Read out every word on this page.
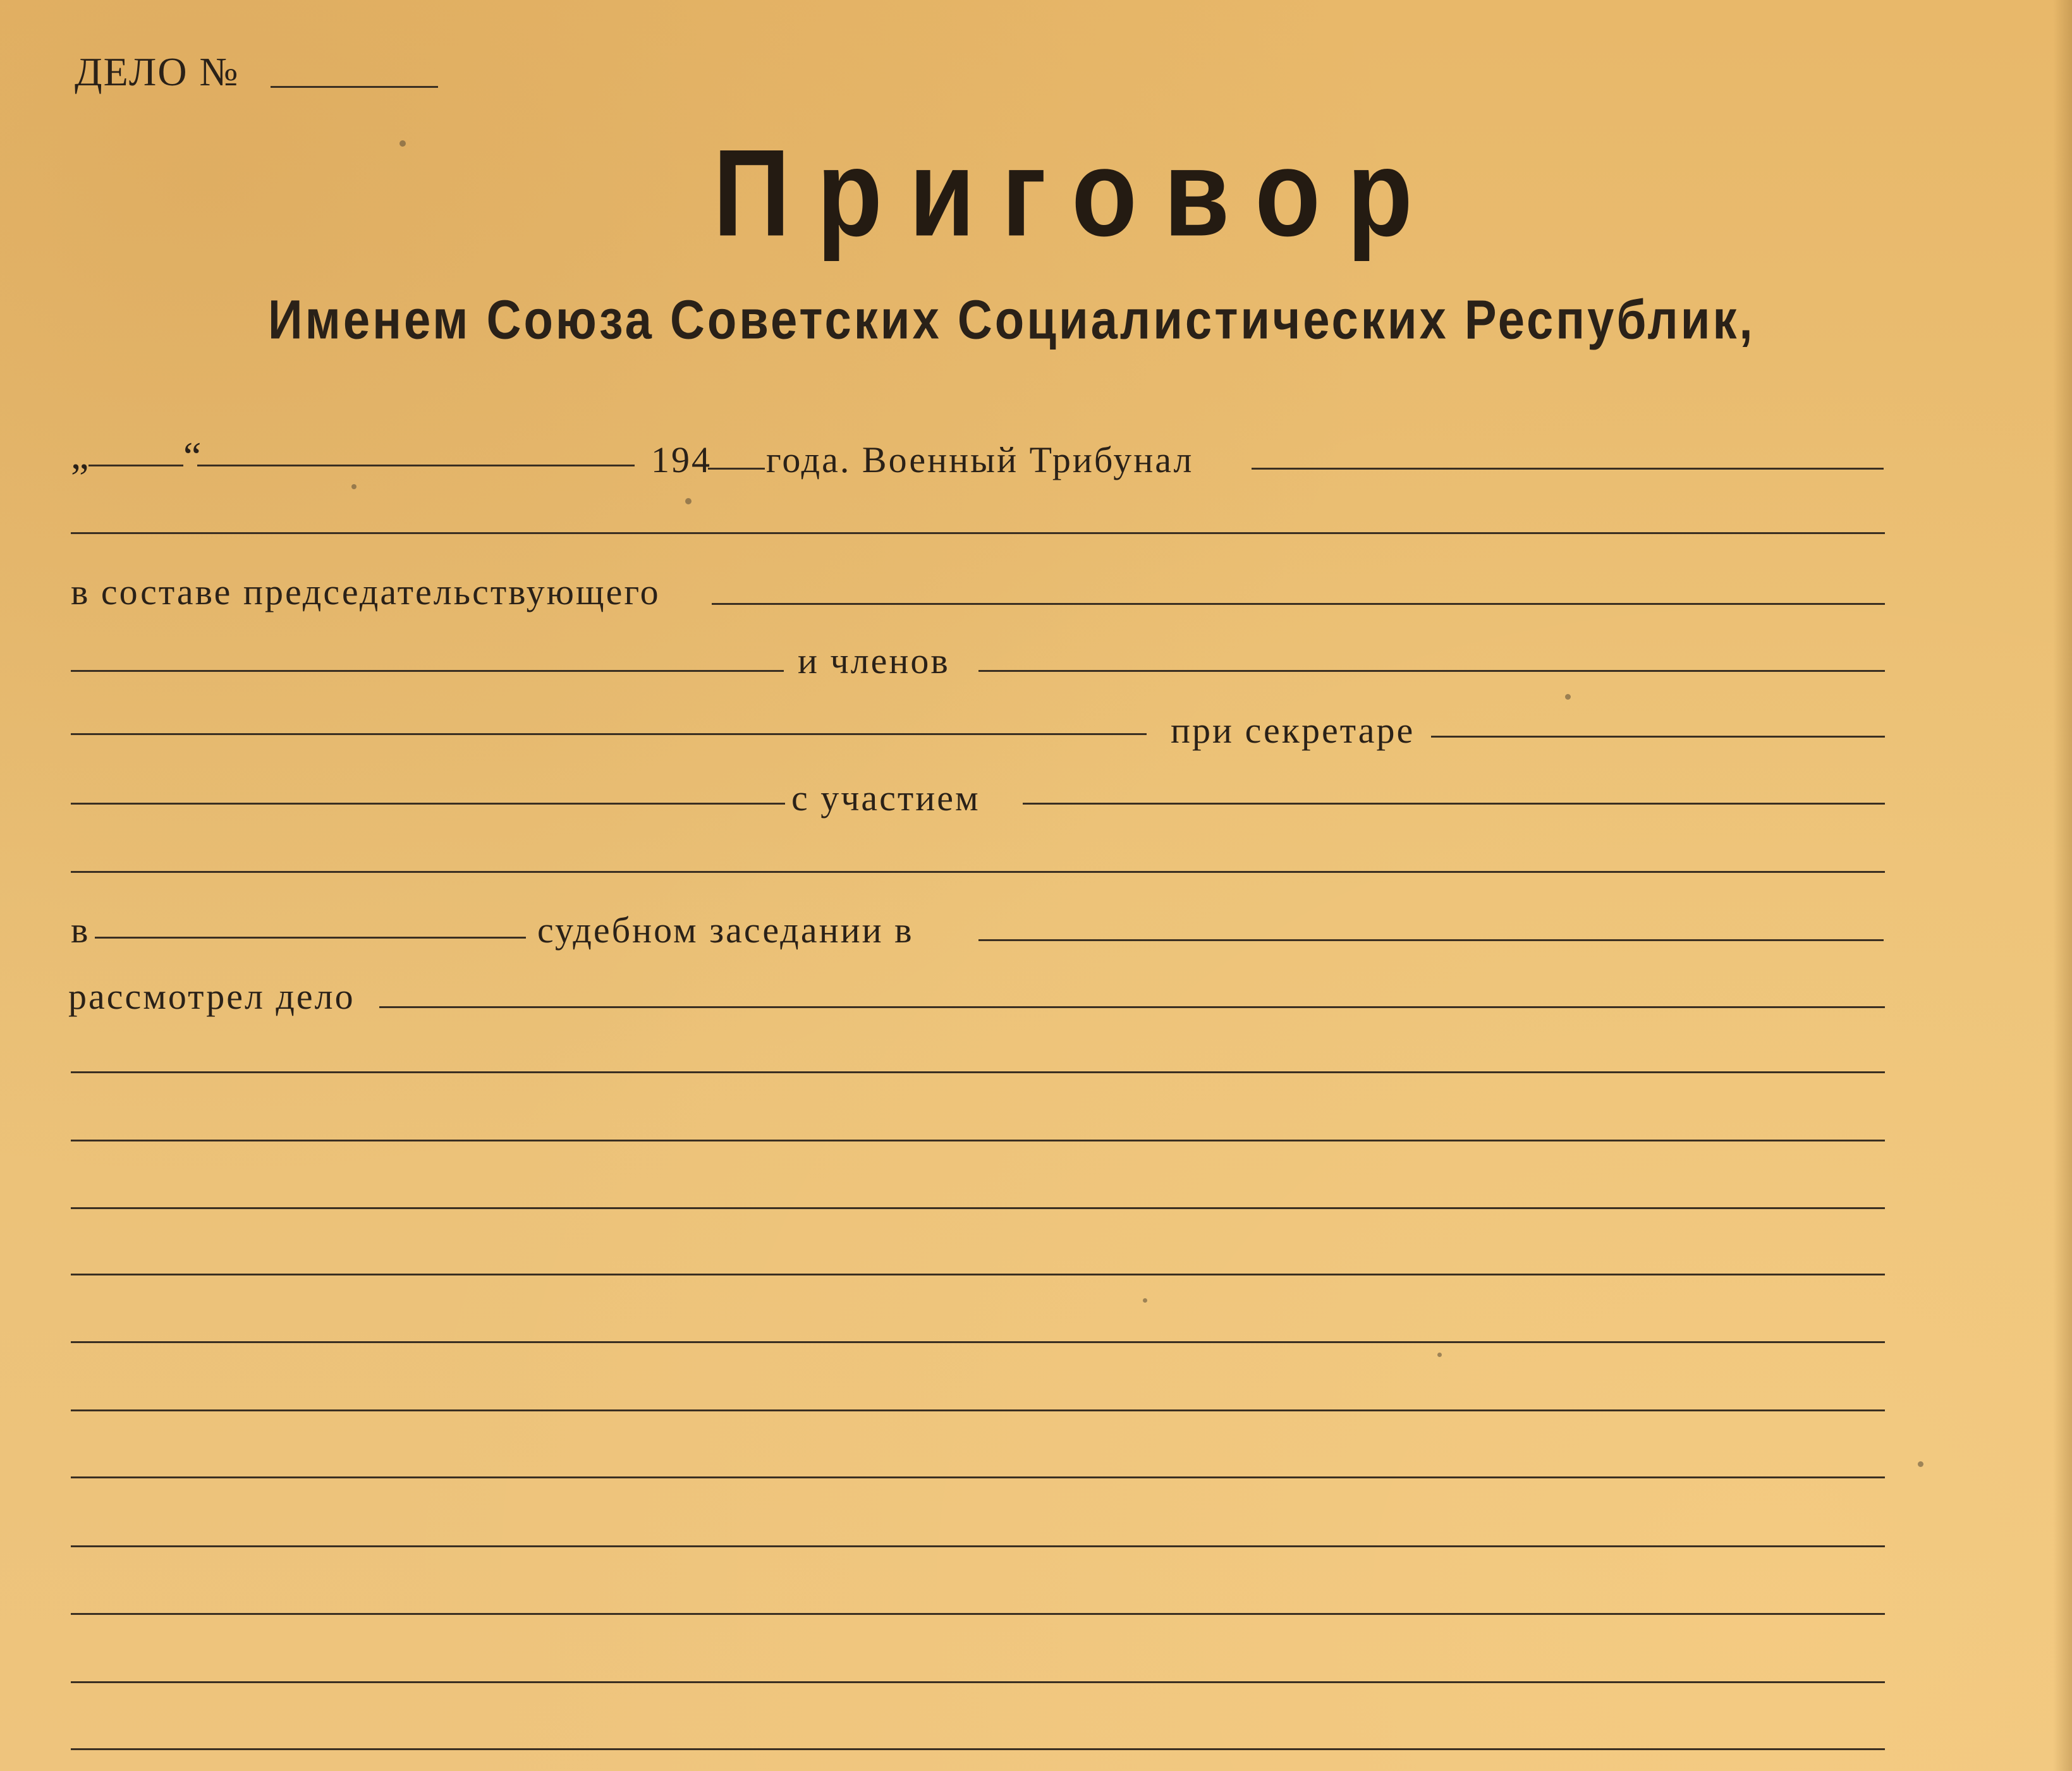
ДЕЛО №
Приговор
Именем Союза Советских Социалистических Республик,
„ “	194 года. Военный Трибунал
в составе председательствующего
и членов
при секретаре
с участием
в	судебном заседании в
рассмотрел дело
